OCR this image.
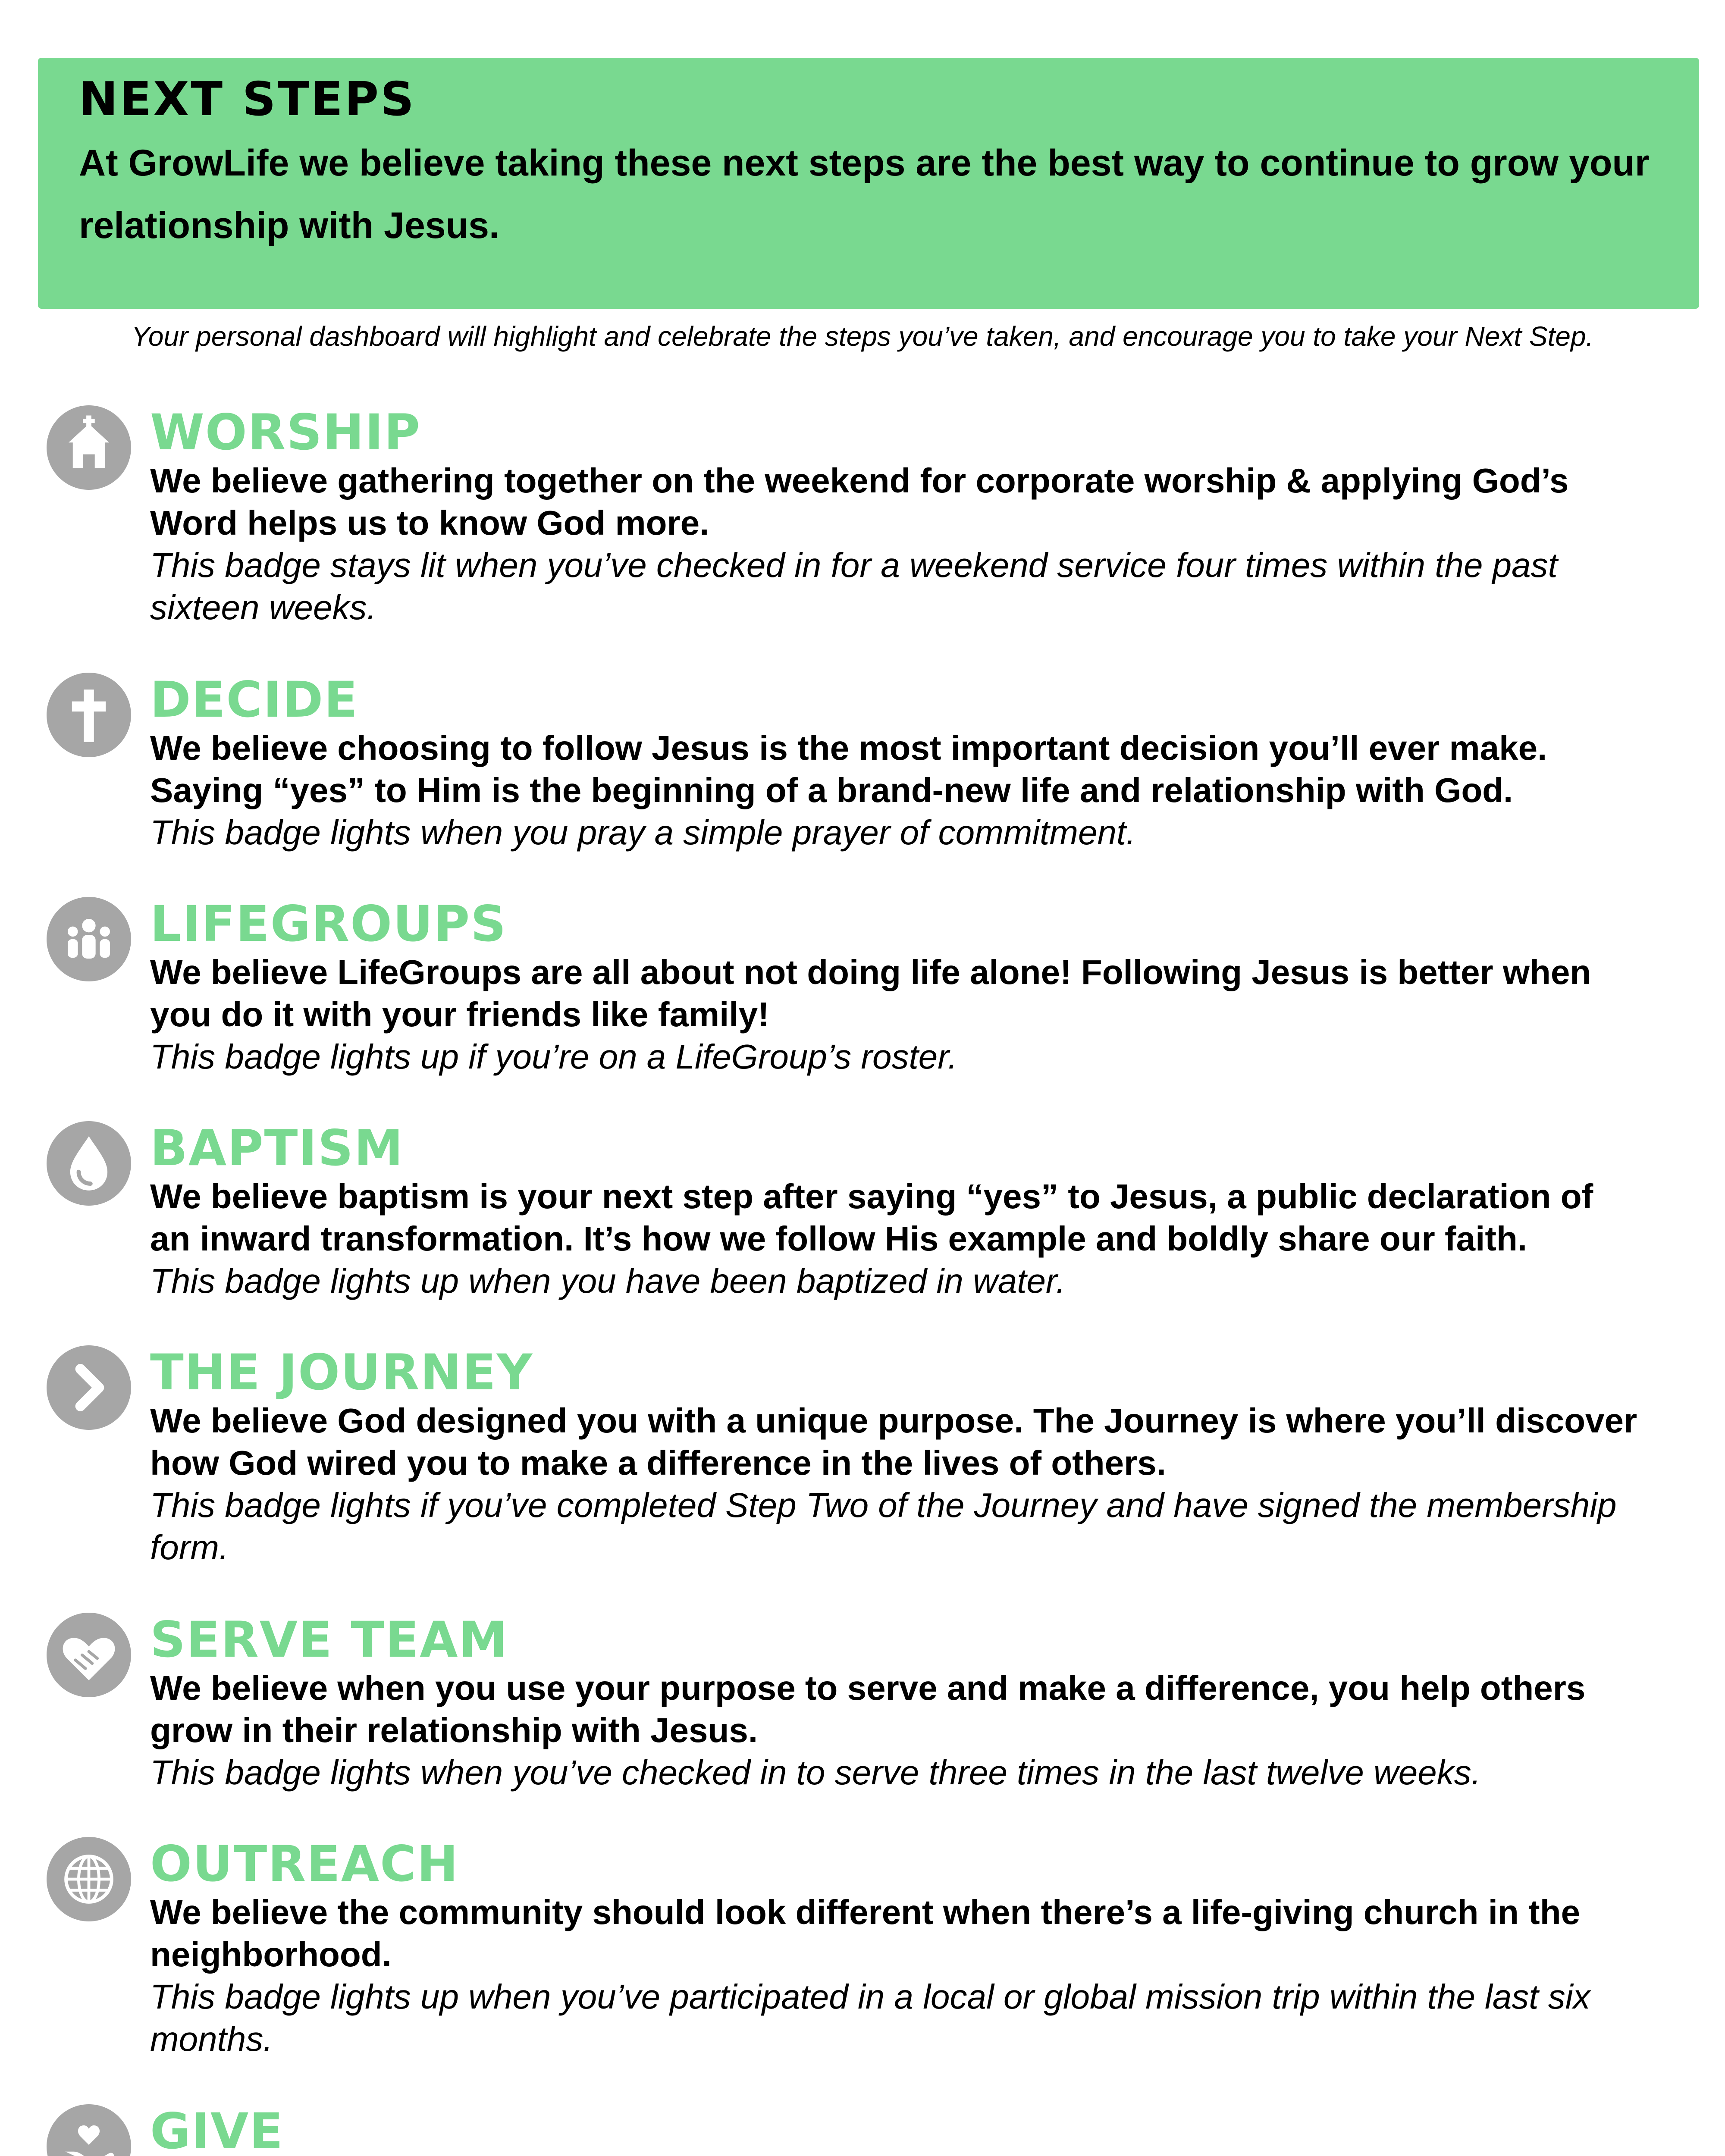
NEXT STEPS

At GrowLife we believe taking these next steps are the best way to continue to grow your relationship with Jesus.

Your personal dashboard will highlight and celebrate the steps you’ve taken, and encourage you to take your Next Step.
WORSHIP

We believe gathering together on the weekend for corporate worship & applying God’s Word helps us to know God more.

This badge stays lit when you’ve checked in for a weekend service four times within the past sixteen weeks.

DECIDE

We believe choosing to follow Jesus is the most important decision you’ll ever make. Saying “yes” to Him is the beginning of a brand-new life and relationship with God.

This badge lights when you pray a simple prayer of commitment.

LIFEGROUPS

We believe LifeGroups are all about not doing life alone! Following Jesus is better when you do it with your friends like family!

This badge lights up if you’re on a LifeGroup’s roster.

BAPTISM

We believe baptism is your next step after saying “yes” to Jesus, a public declaration of an inward transformation. It’s how we follow His example and boldly share our faith.

This badge lights up when you have been baptized in water.

THE JOURNEY

We believe God designed you with a unique purpose. The Journey is where you’ll discover how God wired you to make a difference in the lives of others.

This badge lights if you’ve completed Step Two of the Journey and have signed the membership form.

SERVE TEAM

We believe when you use your purpose to serve and make a difference, you help others grow in their relationship with Jesus.

This badge lights when you’ve checked in to serve three times in the last twelve weeks.

OUTREACH

We believe the community should look different when there’s a life-giving church in the neighborhood.

This badge lights up when you’ve participated in a local or global mission trip within the last six months.

GIVE
